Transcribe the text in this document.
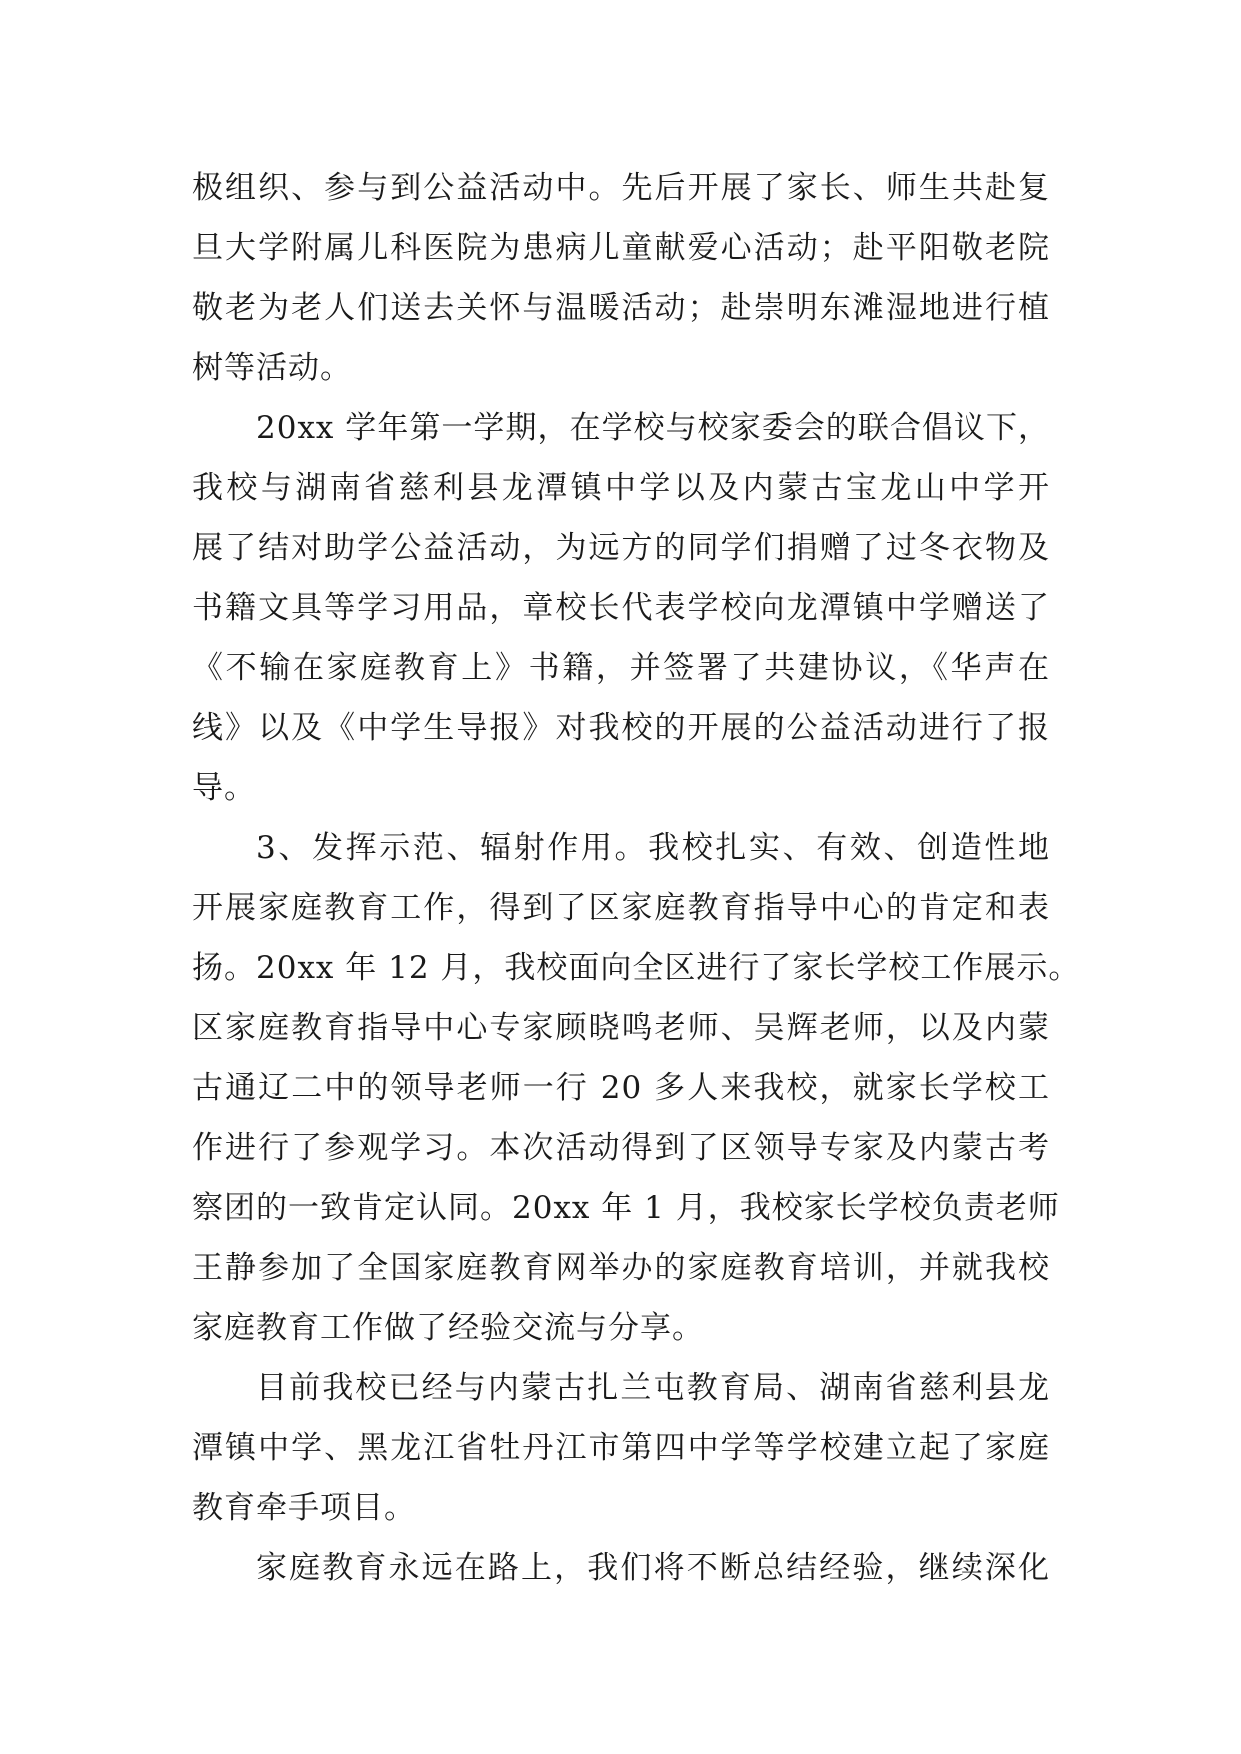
极组织、参与到公益活动中。先后开展了家长、师生共赴复
旦大学附属儿科医院为患病儿童献爱心活动；赴平阳敬老院
敬老为老人们送去关怀与温暖活动；赴崇明东滩湿地进行植
树等活动。
20xx 学年第一学期，在学校与校家委会的联合倡议下，
我校与湖南省慈利县龙潭镇中学以及内蒙古宝龙山中学开
展了结对助学公益活动，为远方的同学们捐赠了过冬衣物及
书籍文具等学习用品，章校长代表学校向龙潭镇中学赠送了
《不输在家庭教育上》书籍，并签署了共建协议，《华声在
线》以及《中学生导报》对我校的开展的公益活动进行了报
导。
3、发挥示范、辐射作用。我校扎实、有效、创造性地
开展家庭教育工作，得到了区家庭教育指导中心的肯定和表
扬。20xx 年 12 月，我校面向全区进行了家长学校工作展示。
区家庭教育指导中心专家顾晓鸣老师、吴辉老师，以及内蒙
古通辽二中的领导老师一行 20 多人来我校，就家长学校工
作进行了参观学习。本次活动得到了区领导专家及内蒙古考
察团的一致肯定认同。20xx 年 1 月，我校家长学校负责老师
王静参加了全国家庭教育网举办的家庭教育培训，并就我校
家庭教育工作做了经验交流与分享。
目前我校已经与内蒙古扎兰屯教育局、湖南省慈利县龙
潭镇中学、黑龙江省牡丹江市第四中学等学校建立起了家庭
教育牵手项目。
家庭教育永远在路上，我们将不断总结经验，继续深化
